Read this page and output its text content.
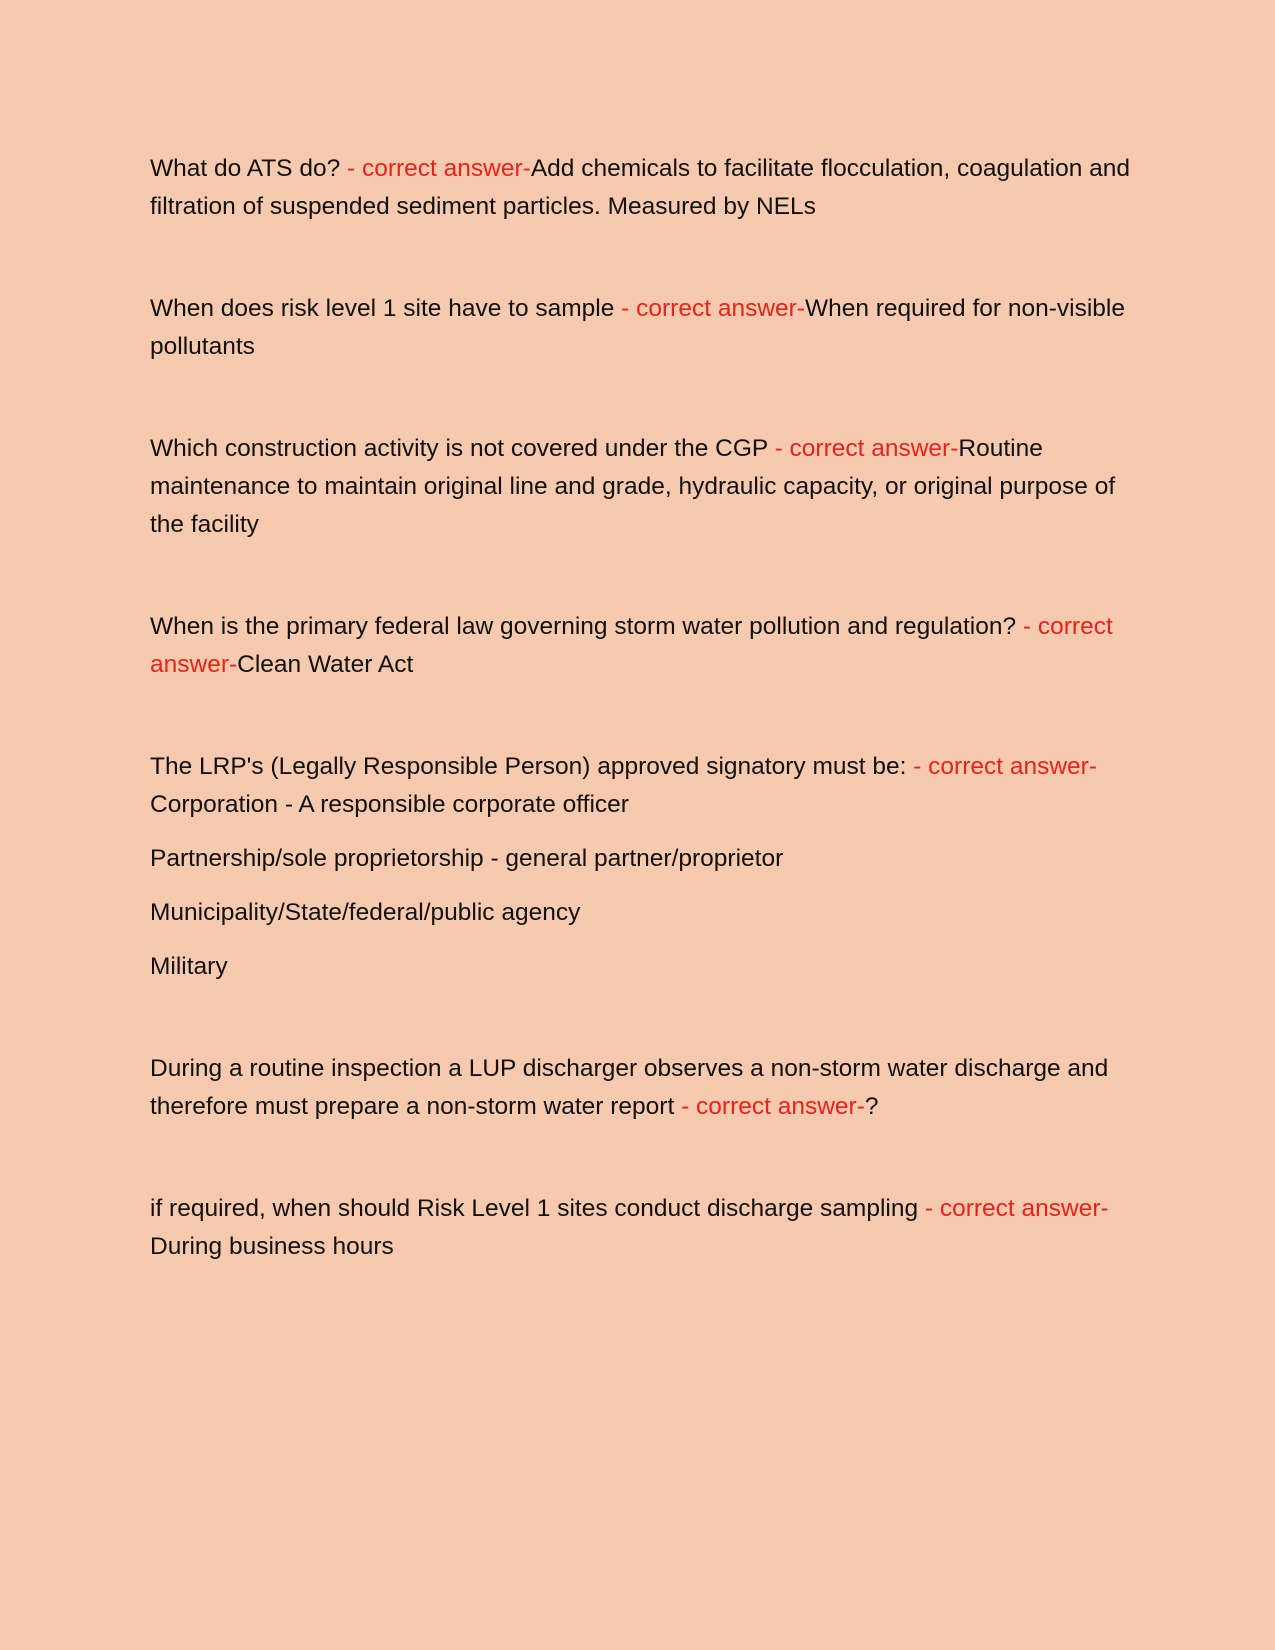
What do ATS do? - correct answer-Add chemicals to facilitate flocculation, coagulation and filtration of suspended sediment particles. Measured by NELs

When does risk level 1 site have to sample - correct answer-When required for non-visible pollutants

Which construction activity is not covered under the CGP - correct answer-Routine maintenance to maintain original line and grade, hydraulic capacity, or original purpose of the facility

When is the primary federal law governing storm water pollution and regulation? - correct answer-Clean Water Act

The LRP's (Legally Responsible Person) approved signatory must be: - correct answer-Corporation - A responsible corporate officer

Partnership/sole proprietorship - general partner/proprietor

Municipality/State/federal/public agency

Military

During a routine inspection a LUP discharger observes a non-storm water discharge and therefore must prepare a non-storm water report - correct answer-?

if required, when should Risk Level 1 sites conduct discharge sampling - correct answer-During business hours
